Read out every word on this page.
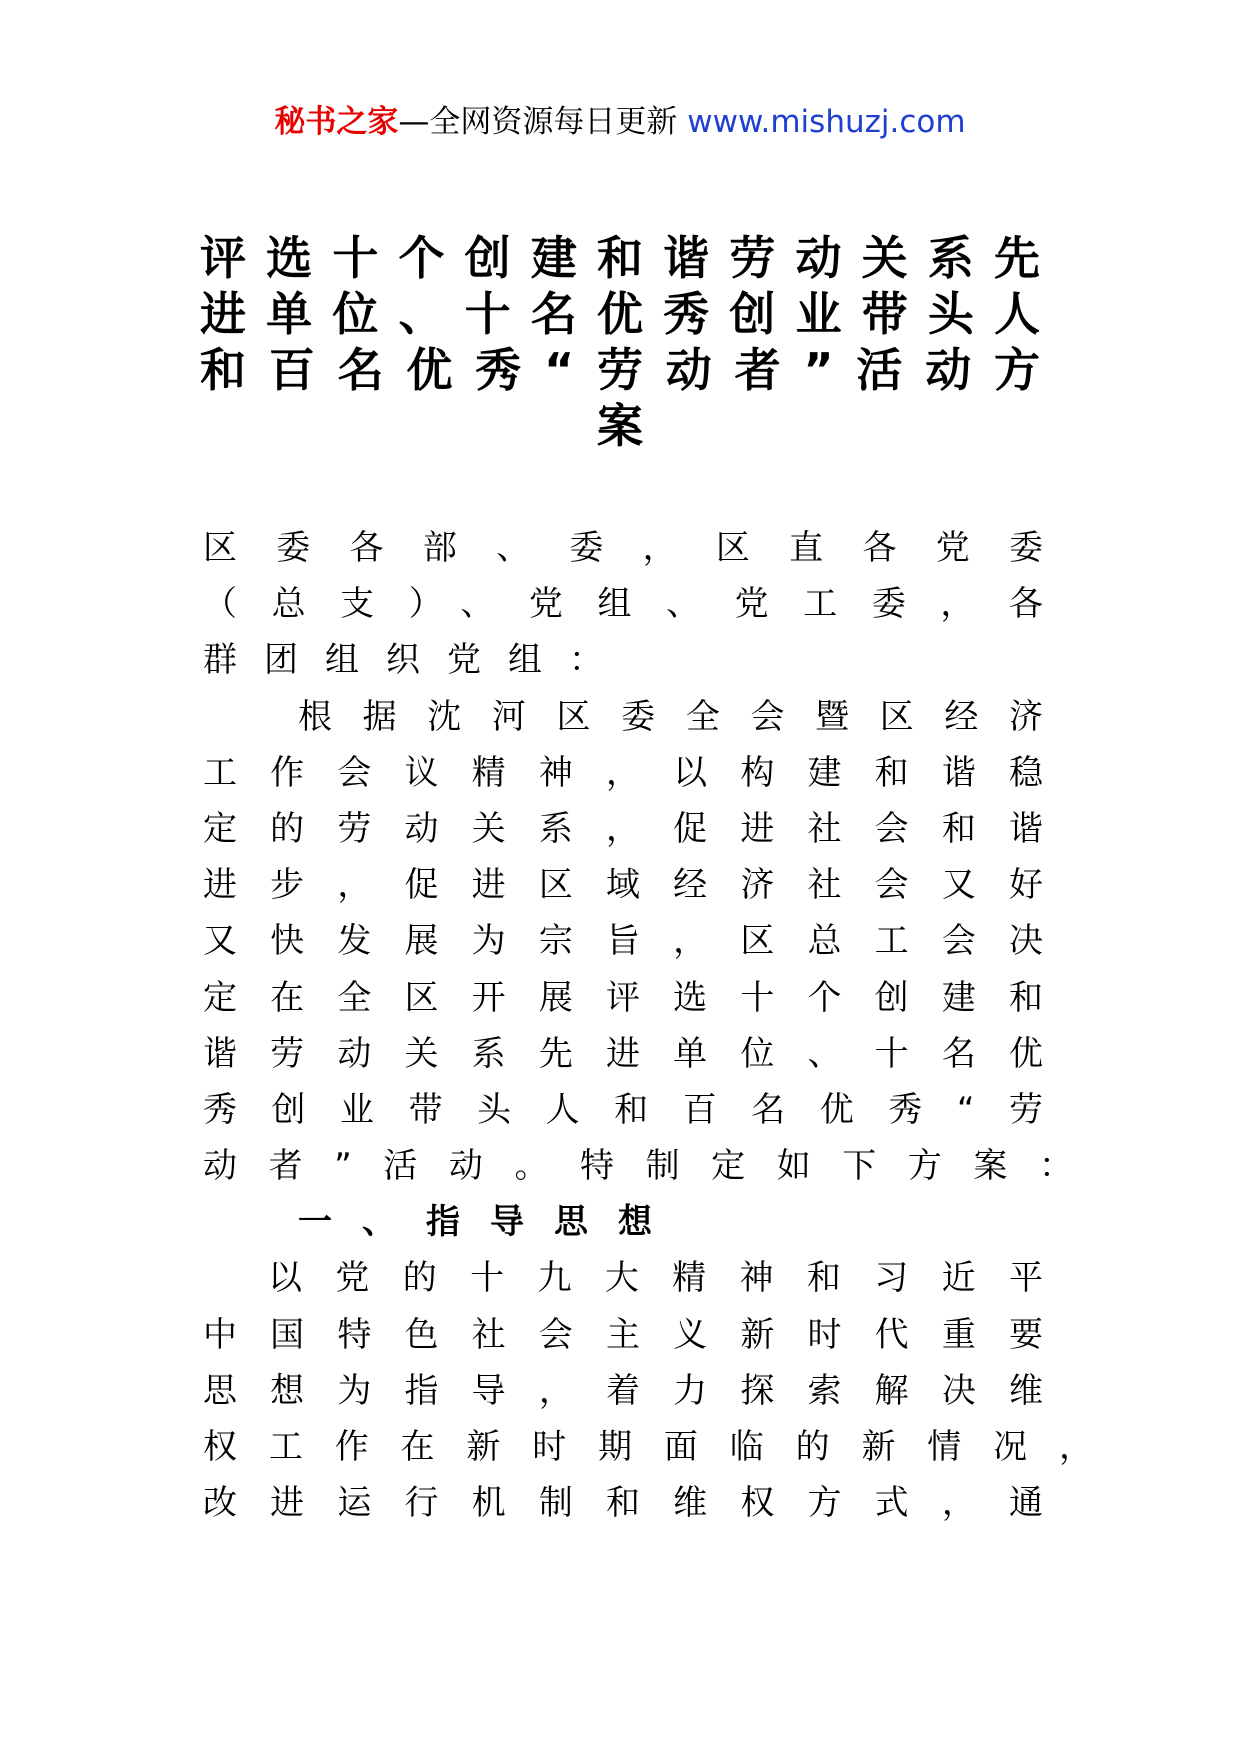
秘书之家—全网资源每日更新 www.mishuzj.com
评选十个创建和谐劳动关系先
进单位、十名优秀创业带头人
和百名优秀“劳动者”活动方
案
区委各部、委，区直各党委
（总支）、党组、党工委，各
群团组织党组：
根据沈河区委全会暨区经济
工作会议精神，以构建和谐稳
定的劳动关系，促进社会和谐
进步，促进区域经济社会又好
又快发展为宗旨，区总工会决
定在全区开展评选十个创建和
谐劳动关系先进单位、十名优
秀创业带头人和百名优秀“劳
动者”活动。特制定如下方案：
一、指导思想
以党的十九大精神和习近平
中国特色社会主义新时代重要
思想为指导，着力探索解决维
权工作在新时期面临的新情况，
改进运行机制和维权方式，通
